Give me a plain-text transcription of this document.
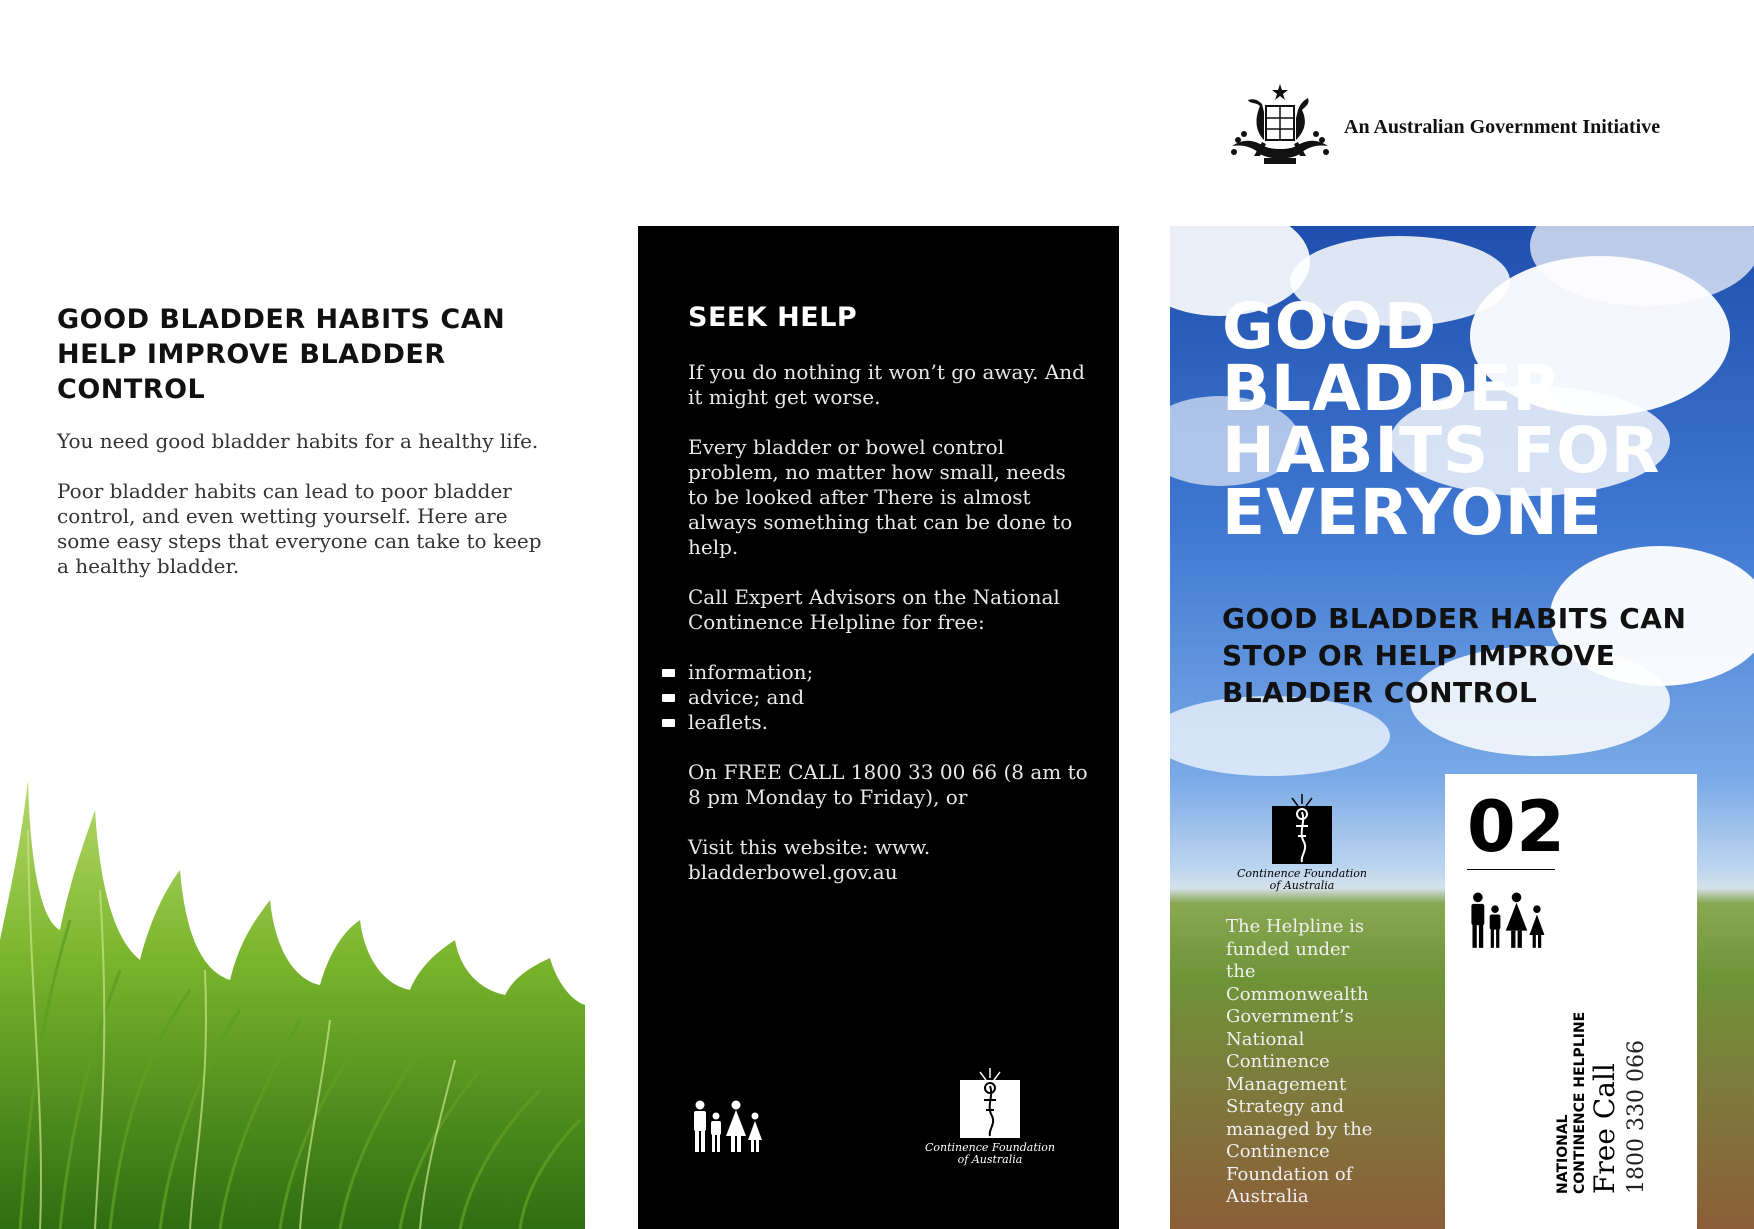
An Australian Government Initiative
GOOD BLADDER HABITS CAN HELP IMPROVE BLADDER CONTROL

You need good bladder habits for a healthy life.

Poor bladder habits can lead to poor bladder control, and even wetting yourself. Here are some easy steps that everyone can take to keep a healthy bladder.

SEEK HELP

If you do nothing it won’t go away. And it might get worse.

Every bladder or bowel control problem, no matter how small, needs to be looked after There is almost always something that can be done to help.

Call Expert Advisors on the National Continence Helpline for free:

information;
advice; and
leaflets.

On FREE CALL 1800 33 00 66 (8 am to 8 pm Monday to Friday), or

Visit this website: www. bladderbowel.gov.au

Continence Foundation
of Australia
GOOD BLADDER HABITS FOR EVERYONE
GOOD BLADDER HABITS CAN STOP OR HELP IMPROVE BLADDER CONTROL
Continence Foundation
of Australia

The Helpline is funded under the Commonwealth Government’s National Continence Management Strategy and managed by the Continence Foundation of Australia

02
NATIONAL CONTINENCE HELPLINE Free Call 1800 330 066
